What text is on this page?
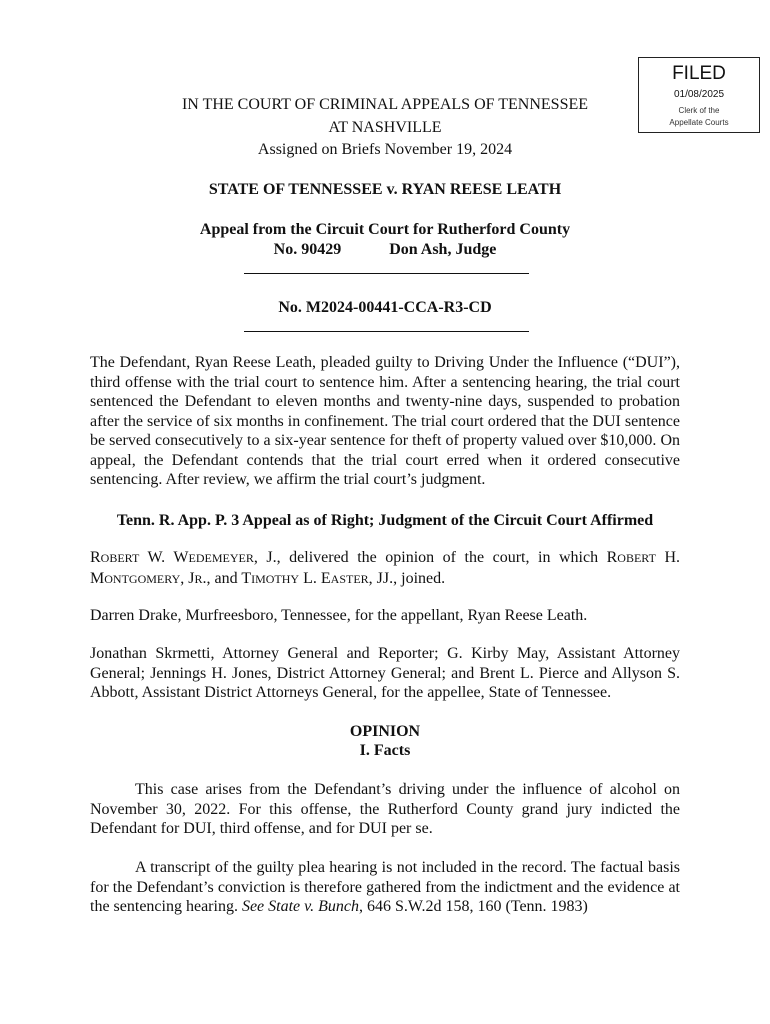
FILED
01/08/2025
Clerk of the
Appellate Courts
IN THE COURT OF CRIMINAL APPEALS OF TENNESSEE
AT NASHVILLE
Assigned on Briefs November 19, 2024
STATE OF TENNESSEE v. RYAN REESE LEATH
Appeal from the Circuit Court for Rutherford County
No. 90429	Don Ash, Judge
No. M2024-00441-CCA-R3-CD

The Defendant, Ryan Reese Leath, pleaded guilty to Driving Under the Influence (“DUI”), third offense with the trial court to sentence him. After a sentencing hearing, the trial court sentenced the Defendant to eleven months and twenty-nine days, suspended to probation after the service of six months in confinement. The trial court ordered that the DUI sentence be served consecutively to a six-year sentence for theft of property valued over $10,000. On appeal, the Defendant contends that the trial court erred when it ordered consecutive sentencing. After review, we affirm the trial court’s judgment.

Tenn. R. App. P. 3 Appeal as of Right; Judgment of the Circuit Court Affirmed

ROBERT W. WEDEMEYER, J., delivered the opinion of the court, in which ROBERT H. MONTGOMERY, JR., and TIMOTHY L. EASTER, JJ., joined.

Darren Drake, Murfreesboro, Tennessee, for the appellant, Ryan Reese Leath.

Jonathan Skrmetti, Attorney General and Reporter; G. Kirby May, Assistant Attorney General; Jennings H. Jones, District Attorney General; and Brent L. Pierce and Allyson S. Abbott, Assistant District Attorneys General, for the appellee, State of Tennessee.

OPINION
I. Facts

This case arises from the Defendant’s driving under the influence of alcohol on November 30, 2022. For this offense, the Rutherford County grand jury indicted the Defendant for DUI, third offense, and for DUI per se.

A transcript of the guilty plea hearing is not included in the record. The factual basis for the Defendant’s conviction is therefore gathered from the indictment and the evidence at the sentencing hearing. See State v. Bunch, 646 S.W.2d 158, 160 (Tenn. 1983)
